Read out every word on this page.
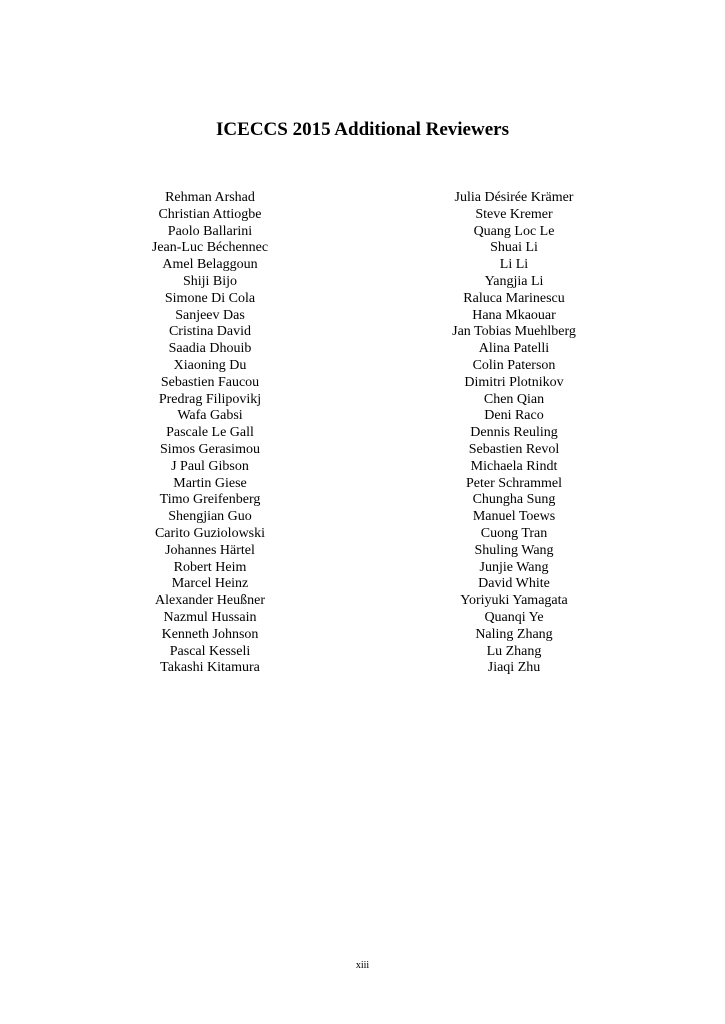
ICECCS 2015 Additional Reviewers
Rehman Arshad
Christian Attiogbe
Paolo Ballarini
Jean-Luc Béchennec
Amel Belaggoun
Shiji Bijo
Simone Di Cola
Sanjeev Das
Cristina David
Saadia Dhouib
Xiaoning Du
Sebastien Faucou
Predrag Filipovikj
Wafa Gabsi
Pascale Le Gall
Simos Gerasimou
J Paul Gibson
Martin Giese
Timo Greifenberg
Shengjian Guo
Carito Guziolowski
Johannes Härtel
Robert Heim
Marcel Heinz
Alexander Heußner
Nazmul Hussain
Kenneth Johnson
Pascal Kesseli
Takashi Kitamura
Julia Désirée Krämer
Steve Kremer
Quang Loc Le
Shuai Li
Li Li
Yangjia Li
Raluca Marinescu
Hana Mkaouar
Jan Tobias Muehlberg
Alina Patelli
Colin Paterson
Dimitri Plotnikov
Chen Qian
Deni Raco
Dennis Reuling
Sebastien Revol
Michaela Rindt
Peter Schrammel
Chungha Sung
Manuel Toews
Cuong Tran
Shuling Wang
Junjie Wang
David White
Yoriyuki Yamagata
Quanqi Ye
Naling Zhang
Lu Zhang
Jiaqi Zhu
xiii
